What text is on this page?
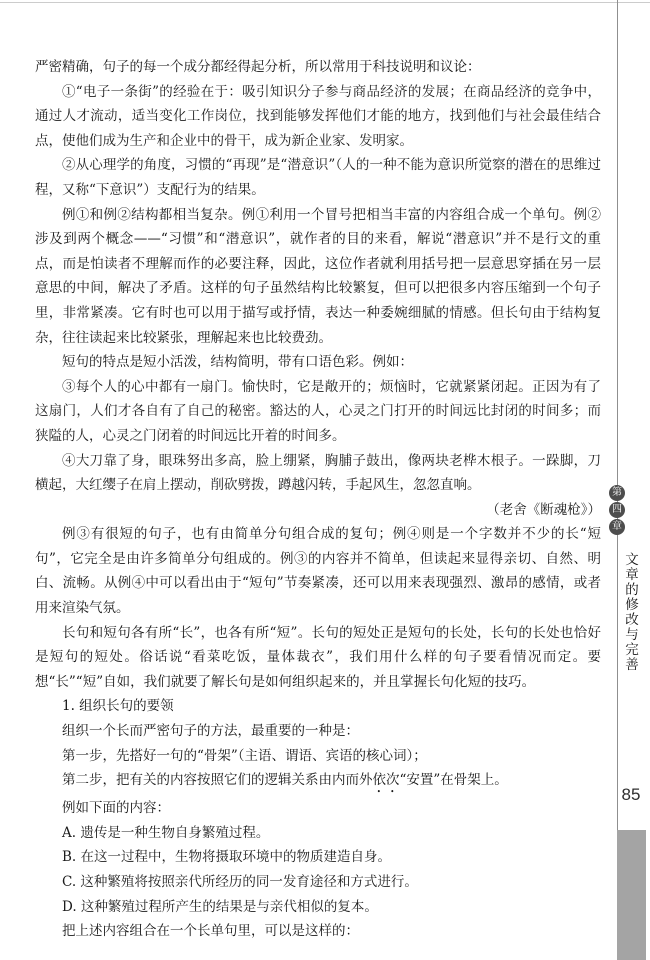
严密精确，句子的每一个成分都经得起分析，所以常用于科技说明和议论：

①“电子一条街”的经验在于：吸引知识分子参与商品经济的发展；在商品经济的竞争中，通过人才流动，适当变化工作岗位，找到能够发挥他们才能的地方，找到他们与社会最佳结合点，使他们成为生产和企业中的骨干，成为新企业家、发明家。

②从心理学的角度，习惯的“再现”是“潜意识”（人的一种不能为意识所觉察的潜在的思维过程，又称“下意识”）支配行为的结果。

例①和例②结构都相当复杂。例①利用一个冒号把相当丰富的内容组合成一个单句。例②涉及到两个概念——“习惯”和“潜意识”，就作者的目的来看，解说“潜意识”并不是行文的重点，而是怕读者不理解而作的必要注释，因此，这位作者就利用括号把一层意思穿插在另一层意思的中间，解决了矛盾。这样的句子虽然结构比较繁复，但可以把很多内容压缩到一个句子里，非常紧凑。它有时也可以用于描写或抒情，表达一种委婉细腻的情感。但长句由于结构复杂，往往读起来比较紧张，理解起来也比较费劲。

短句的特点是短小活泼，结构简明，带有口语色彩。例如：

③每个人的心中都有一扇门。愉快时，它是敞开的；烦恼时，它就紧紧闭起。正因为有了这扇门，人们才各自有了自己的秘密。豁达的人，心灵之门打开的时间远比封闭的时间多；而狭隘的人，心灵之门闭着的时间远比开着的时间多。

④大刀靠了身，眼珠努出多高，脸上绷紧，胸脯子鼓出，像两块老桦木根子。一跺脚，刀横起，大红缨子在肩上摆动，削砍劈拨，蹲越闪转，手起风生，忽忽直响。

（老舍《断魂枪》）

例③有很短的句子，也有由简单分句组合成的复句；例④则是一个字数并不少的长“短句”，它完全是由许多简单分句组成的。例③的内容并不简单，但读起来显得亲切、自然、明白、流畅。从例④中可以看出由于“短句”节奏紧凑，还可以用来表现强烈、激昂的感情，或者用来渲染气氛。

长句和短句各有所“长”，也各有所“短”。长句的短处正是短句的长处，长句的长处也恰好是短句的短处。俗话说“看菜吃饭，量体裁衣”，我们用什么样的句子要看情况而定。要想“长”“短”自如，我们就要了解长句是如何组织起来的，并且掌握长句化短的技巧。

1. 组织长句的要领

组织一个长而严密句子的方法，最重要的一种是：

第一步，先搭好一句的“骨架”（主语、谓语、宾语的核心词）；

第二步，把有关的内容按照它们的逻辑关系由内而外依次“安置”在骨架上。

例如下面的内容：

A. 遗传是一种生物自身繁殖过程。

B. 在这一过程中，生物将摄取环境中的物质建造自身。

C. 这种繁殖将按照亲代所经历的同一发育途径和方式进行。

D. 这种繁殖过程所产生的结果是与亲代相似的复本。

把上述内容组合在一个长单句里，可以是这样的：

第
四
章
文章的修改与完善
85
